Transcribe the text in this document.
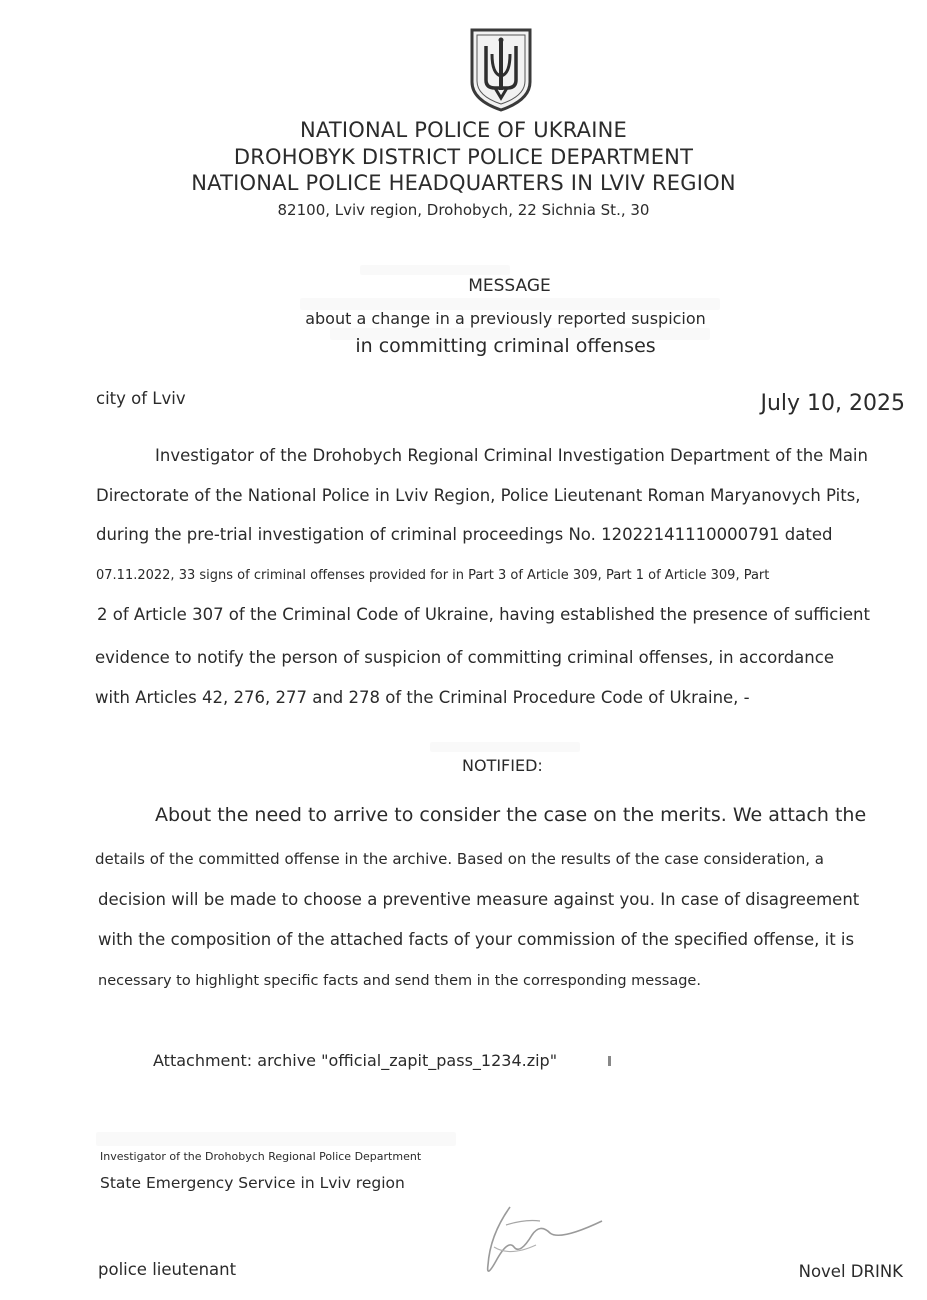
NATIONAL POLICE OF UKRAINE
DROHOBYK DISTRICT POLICE DEPARTMENT
NATIONAL POLICE HEADQUARTERS IN LVIV REGION
82100, Lviv region, Drohobych, 22 Sichnia St., 30
MESSAGE
about a change in a previously reported suspicion
in committing criminal offenses
city of Lviv	July 10, 2025
Investigator of the Drohobych Regional Criminal Investigation Department of the Main
Directorate of the National Police in Lviv Region, Police Lieutenant Roman Maryanovych Pits,
during the pre-trial investigation of criminal proceedings No. 12022141110000791 dated
07.11.2022, 33 signs of criminal offenses provided for in Part 3 of Article 309, Part 1 of Article 309, Part
2 of Article 307 of the Criminal Code of Ukraine, having established the presence of sufficient
evidence to notify the person of suspicion of committing criminal offenses, in accordance
with Articles 42, 276, 277 and 278 of the Criminal Procedure Code of Ukraine, -
NOTIFIED:
About the need to arrive to consider the case on the merits. We attach the
details of the committed offense in the archive. Based on the results of the case consideration, a
decision will be made to choose a preventive measure against you. In case of disagreement
with the composition of the attached facts of your commission of the specified offense, it is
necessary to highlight specific facts and send them in the corresponding message.
Attachment: archive "official_zapit_pass_1234.zip"
Investigator of the Drohobych Regional Police Department
State Emergency Service in Lviv region
police lieutenant	Novel DRINK
